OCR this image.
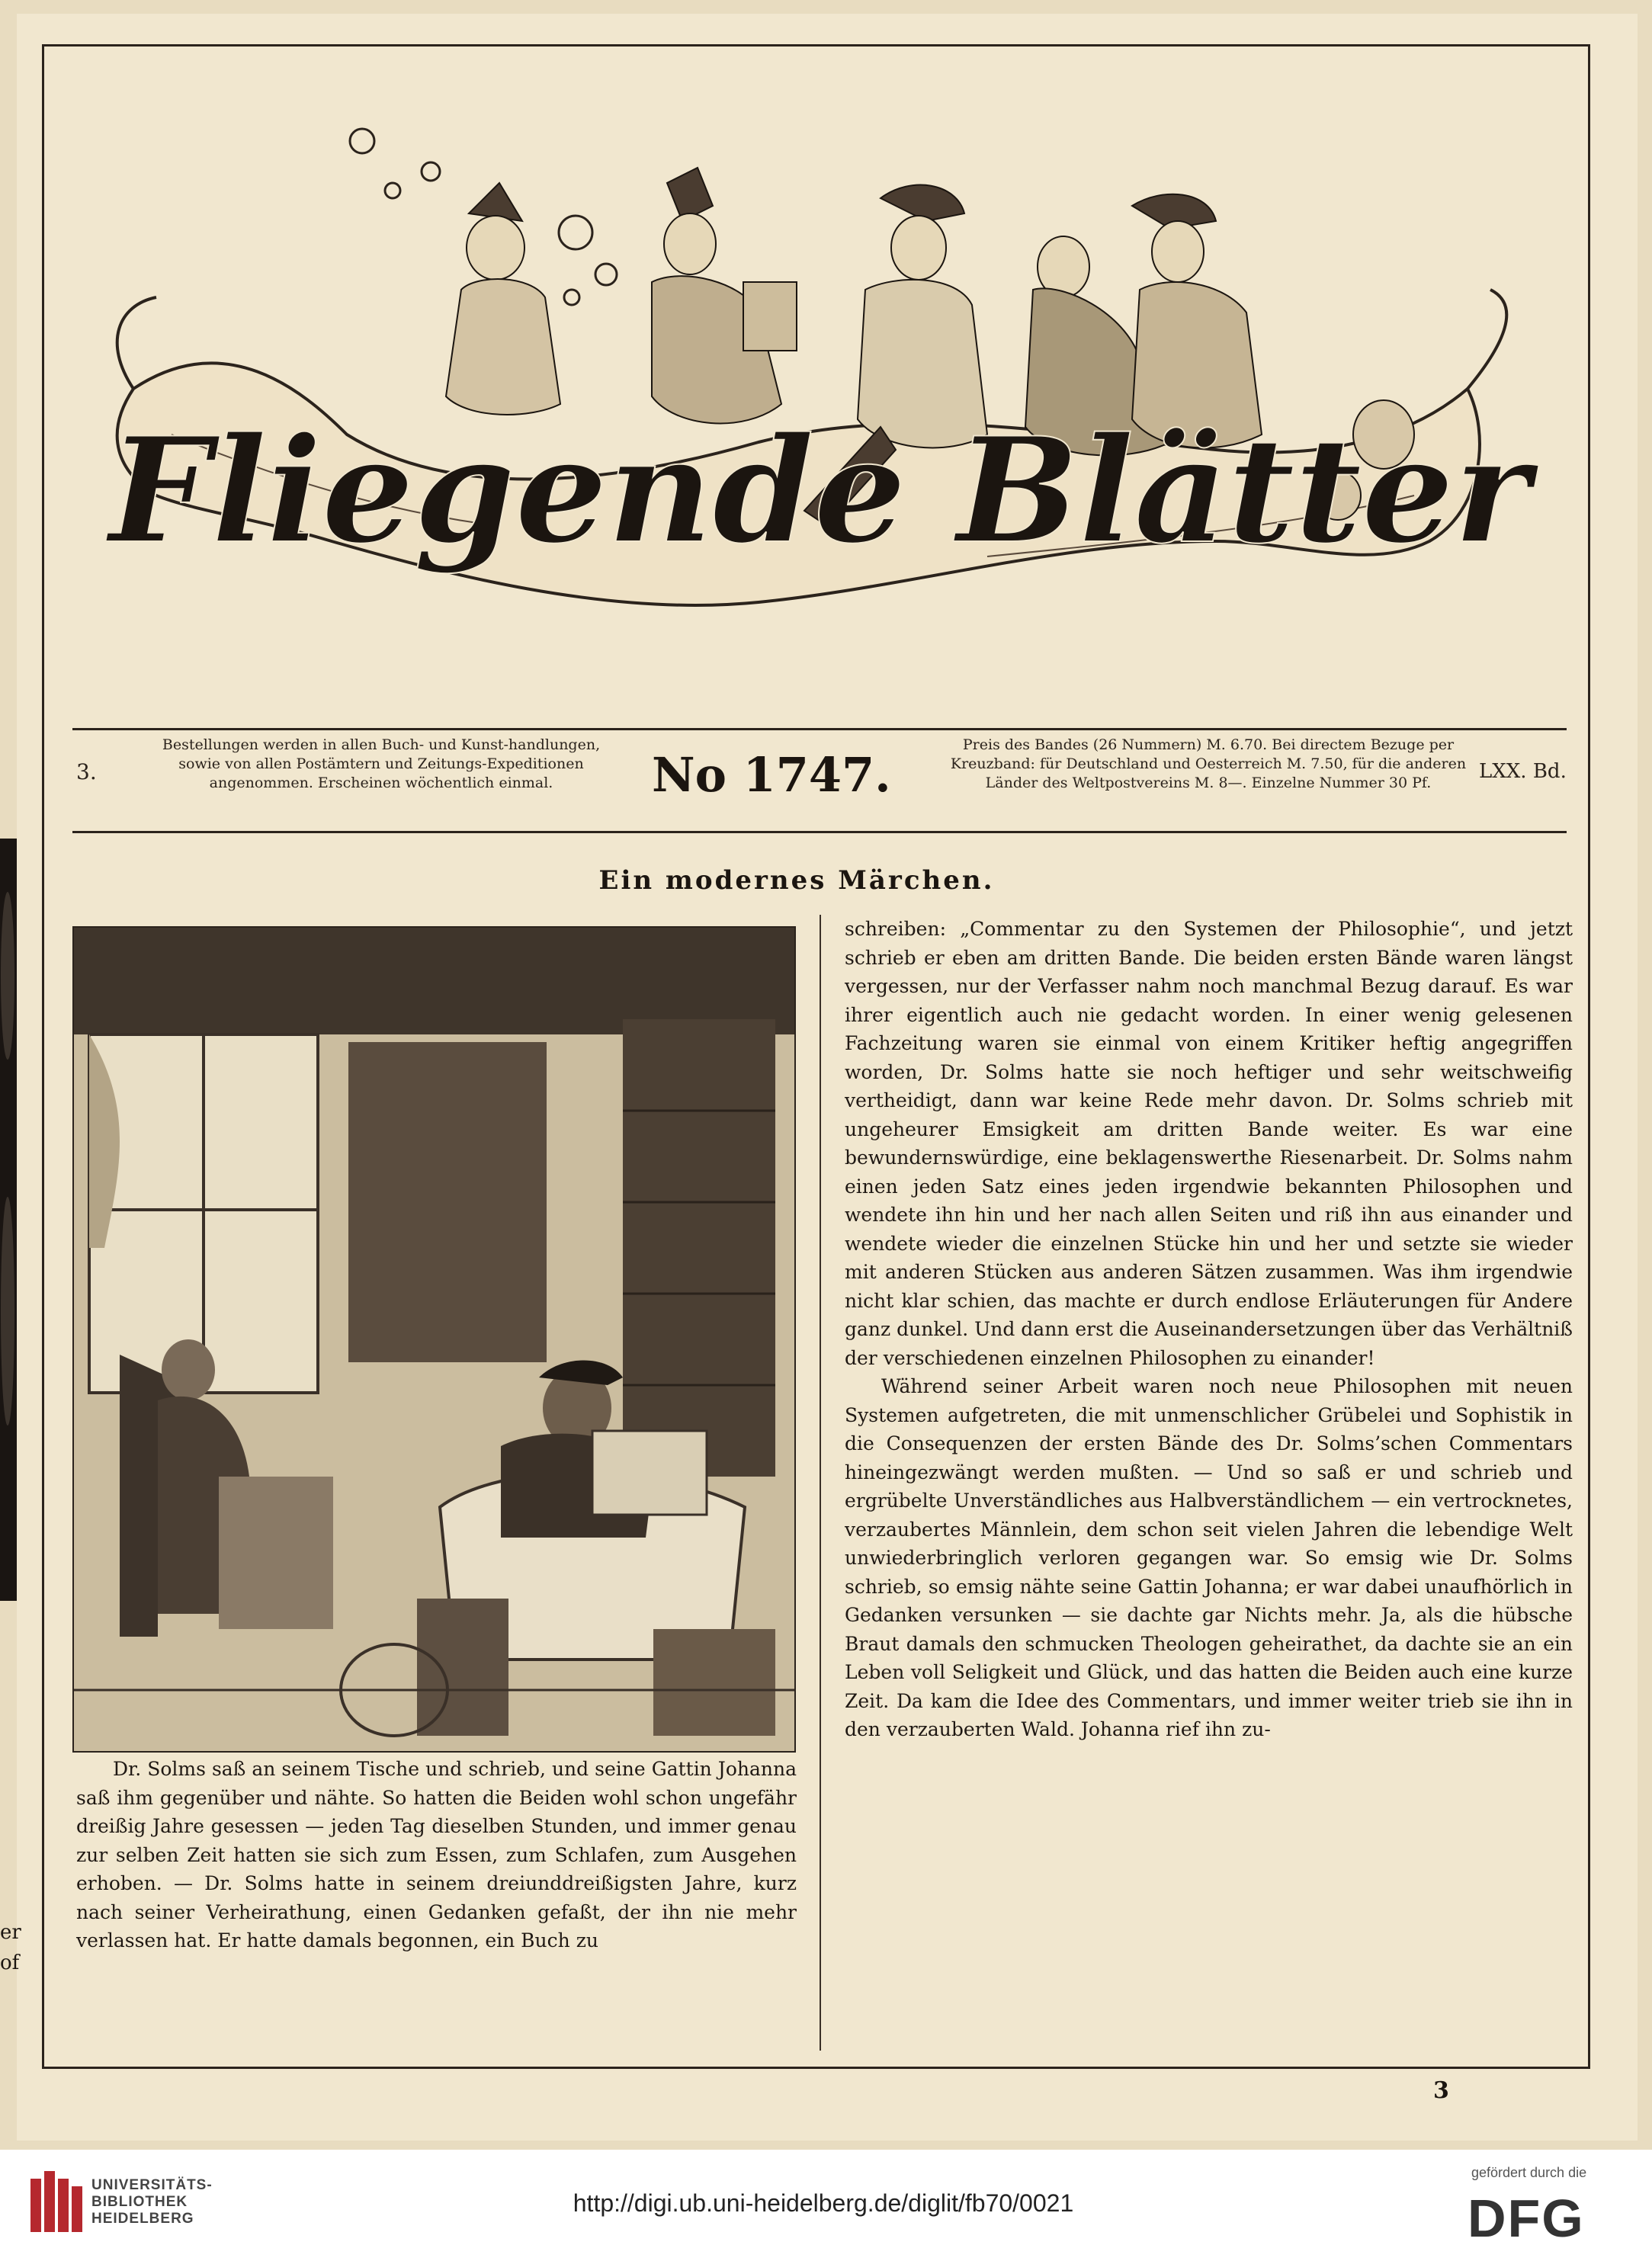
Fliegende Blätter
3.
Bestellungen werden in allen Buch- und Kunst-handlungen, sowie von allen Postämtern und Zeitungs-Expeditionen angenommen. Erscheinen wöchentlich einmal.	No 1747.
Preis des Bandes (26 Nummern) M. 6.70. Bei directem Bezuge per Kreuzband: für Deutschland und Oesterreich M. 7.50, für die anderen Länder des Weltpostvereins M. 8—. Einzelne Nummer 30 Pf.	LXX. Bd.
Ein modernes Märchen.

Dr. Solms saß an seinem Tische und schrieb, und seine Gattin Johanna saß ihm gegenüber und nähte. So hatten die Beiden wohl schon ungefähr dreißig Jahre gesessen — jeden Tag dieselben Stunden, und immer genau zur selben Zeit hatten sie sich zum Essen, zum Schlafen, zum Ausgehen erhoben. — Dr. Solms hatte in seinem dreiunddreißigsten Jahre, kurz nach seiner Verheirathung, einen Gedanken gefaßt, der ihn nie mehr verlassen hat. Er hatte damals begonnen, ein Buch zu

schreiben: „Commentar zu den Systemen der Philosophie“, und jetzt schrieb er eben am dritten Bande. Die beiden ersten Bände waren längst vergessen, nur der Verfasser nahm noch manchmal Bezug darauf. Es war ihrer eigentlich auch nie gedacht worden. In einer wenig gelesenen Fachzeitung waren sie einmal von einem Kritiker heftig angegriffen worden, Dr. Solms hatte sie noch heftiger und sehr weitschweifig vertheidigt, dann war keine Rede mehr davon. Dr. Solms schrieb mit ungeheurer Emsigkeit am dritten Bande weiter. Es war eine bewundernswürdige, eine beklagenswerthe Riesenarbeit. Dr. Solms nahm einen jeden Satz eines jeden irgendwie bekannten Philosophen und wendete ihn hin und her nach allen Seiten und riß ihn aus einander und wendete wieder die einzelnen Stücke hin und her und setzte sie wieder mit anderen Stücken aus anderen Sätzen zusammen. Was ihm irgendwie nicht klar schien, das machte er durch endlose Erläuterungen für Andere ganz dunkel. Und dann erst die Auseinandersetzungen über das Verhältniß der verschiedenen einzelnen Philosophen zu einander!

Während seiner Arbeit waren noch neue Philosophen mit neuen Systemen aufgetreten, die mit unmenschlicher Grübelei und Sophistik in die Consequenzen der ersten Bände des Dr. Solms’schen Commentars hineingezwängt werden mußten. — Und so saß er und schrieb und ergrübelte Unverständliches aus Halbverständlichem — ein vertrocknetes, verzaubertes Männlein, dem schon seit vielen Jahren die lebendige Welt unwiederbringlich verloren gegangen war. So emsig wie Dr. Solms schrieb, so emsig nähte seine Gattin Johanna; er war dabei unaufhörlich in Gedanken versunken — sie dachte gar Nichts mehr. Ja, als die hübsche Braut damals den schmucken Theologen geheirathet, da dachte sie an ein Leben voll Seligkeit und Glück, und das hatten die Beiden auch eine kurze Zeit. Da kam die Idee des Commentars, und immer weiter trieb sie ihn in den verzauberten Wald. Johanna rief ihn zu-

3
er
of
UNIVERSITÄTS-
BIBLIOTHEK
HEIDELBERG
http://digi.ub.uni-heidelberg.de/diglit/fb70/0021
gefördert durch die
DFG
